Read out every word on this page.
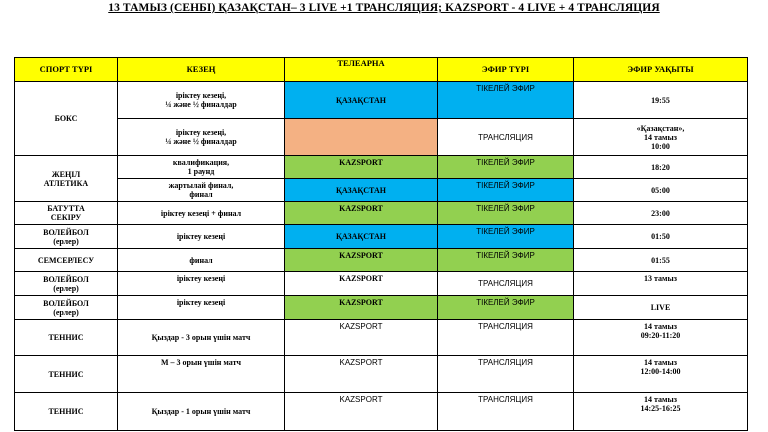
13 ТАМЫЗ (СЕНБІ) ҚАЗАҚСТАН– 3 LIVE +1 ТРАНСЛЯЦИЯ; KAZSPORT - 4 LIVE + 4 ТРАНСЛЯЦИЯ
СПОРТ ТҮРІ	КЕЗЕҢ	ТЕЛЕАРНА	ЭФИР ТҮРІ	ЭФИР УАҚЫТЫ
БОКС	іріктеу кезеңі,
¼ және ½ финалдар	ҚАЗАҚСТАН	ТІКЕЛЕЙ ЭФИР	19:55

	іріктеу кезеңі,
¼ және ½ финалдар		ТРАНСЛЯЦИЯ	«Қазақстан»,
14 тамыз
10:00

ЖЕҢІЛ
АТЛЕТИКА	квалификация,
1 раунд	KAZSPORT	ТІКЕЛЕЙ ЭФИР	18:20

	жартылай финал,
финал	ҚАЗАҚСТАН	ТІКЕЛЕЙ ЭФИР	05:00

БАТУТТА
СЕКІРУ	іріктеу кезеңі + финал	KAZSPORT	ТІКЕЛЕЙ ЭФИР	23:00

ВОЛЕЙБОЛ
(ерлер)	іріктеу кезеңі	ҚАЗАҚСТАН	ТІКЕЛЕЙ ЭФИР	01:50

СЕМСЕРЛЕСУ	финал	KAZSPORT	ТІКЕЛЕЙ ЭФИР	01:55

ВОЛЕЙБОЛ
(ерлер)	іріктеу кезеңі	KAZSPORT	ТРАНСЛЯЦИЯ	13 тамыз

ВОЛЕЙБОЛ
(ерлер)	іріктеу кезеңі	KAZSPORT	ТІКЕЛЕЙ ЭФИР	LIVE

ТЕННИС	Қыздар - 3 орын үшін матч	KAZSPORT	ТРАНСЛЯЦИЯ	14 тамыз
09:20-11:20

ТЕННИС	М – 3 орын үшін матч	KAZSPORT	ТРАНСЛЯЦИЯ	14 тамыз
12:00-14:00

ТЕННИС	Қыздар - 1 орын үшін матч	KAZSPORT	ТРАНСЛЯЦИЯ	14 тамыз
14:25-16:25
